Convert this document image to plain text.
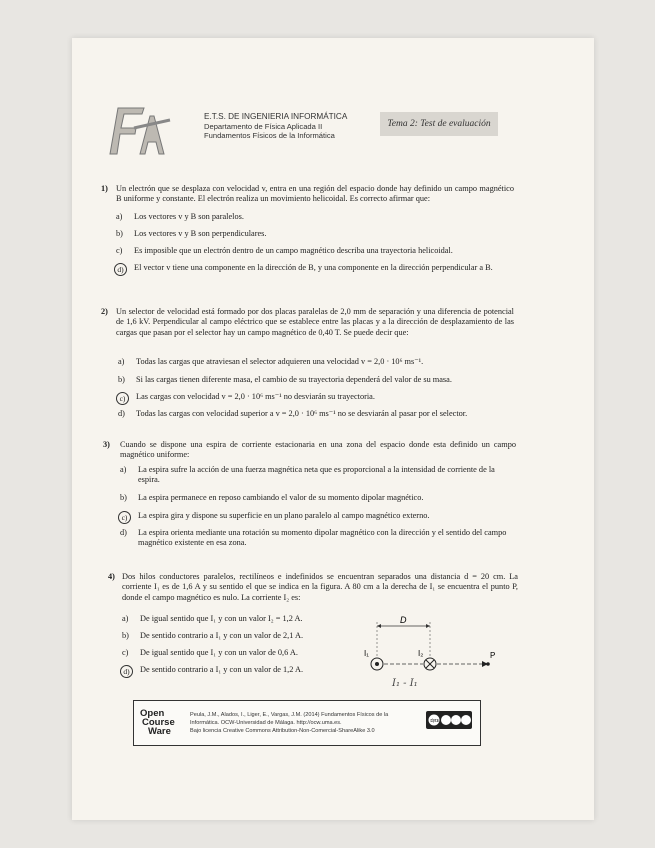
E.T.S. DE INGENIERIA INFORMÁTICA
Departamento de Física Aplicada II
Fundamentos Físicos de la Informática
Tema 2: Test de evaluación
1) Un electrón que se desplaza con velocidad v, entra en una región del espacio donde hay definido un campo magnético B uniforme y constante. El electrón realiza un movimiento helicoidal. Es correcto afirmar que:
a)	Los vectores v y B son paralelos.
b)	Los vectores v y B son perpendiculares.
c)	Es imposible que un electrón dentro de un campo magnético describa una trayectoria helicoidal.
d)	El vector v tiene una componente en la dirección de B, y una componente en la dirección perpendicular a B.
2) Un selector de velocidad está formado por dos placas paralelas de 2,0 mm de separación y una diferencia de potencial de 1,6 kV. Perpendicular al campo eléctrico que se establece entre las placas y a la dirección de desplazamiento de las cargas que pasan por el selector hay un campo magnético de 0,40 T. Se puede decir que:
a)	Todas las cargas que atraviesan el selector adquieren una velocidad v = 2,0 · 10⁶ ms⁻¹.
b)	Si las cargas tienen diferente masa, el cambio de su trayectoria dependerá del valor de su masa.
c)	Las cargas con velocidad v = 2,0 · 10⁶ ms⁻¹ no desviarán su trayectoria.
d)	Todas las cargas con velocidad superior a v = 2,0 · 10⁶ ms⁻¹ no se desviarán al pasar por el selector.
3) Cuando se dispone una espira de corriente estacionaria en una zona del espacio donde esta definido un campo magnético uniforme:
a)	La espira sufre la acción de una fuerza magnética neta que es proporcional a la intensidad de corriente de la espira.
b)	La espira permanece en reposo cambiando el valor de su momento dipolar magnético.
c)	La espira gira y dispone su superficie en un plano paralelo al campo magnético externo.
d)	La espira orienta mediante una rotación su momento dipolar magnético con la dirección y el sentido del campo magnético existente en esa zona.
4) Dos hilos conductores paralelos, rectilíneos e indefinidos se encuentran separados una distancia d = 20 cm. La corriente I₁ es de 1,6 A y su sentido el que se indica en la figura. A 80 cm a la derecha de I₁ se encuentra el punto P, donde el campo magnético es nulo. La corriente I₂ es:
a)	De igual sentido que I₁ y con un valor I₂ = 1,2 A.
b)	De sentido contrario a I₁ y con un valor de 2,1 A.
c)	De igual sentido que I₁ y con un valor de 0,6 A.
d)	De sentido contrario a I₁ y con un valor de 1,2 A.
D
I₁	I₂	P
I₁ - I₁
Open
Course
Ware
Peula, J.M., Alados, I., Liger, E., Vargas, J.M. (2014) Fundamentos Físicos de la
Informática. OCW-Universidad de Málaga. http://ocw.uma.es.
Bajo licencia Creative Commons Attribution-Non-Comercial-ShareAlike 3.0
cc by nc sa
